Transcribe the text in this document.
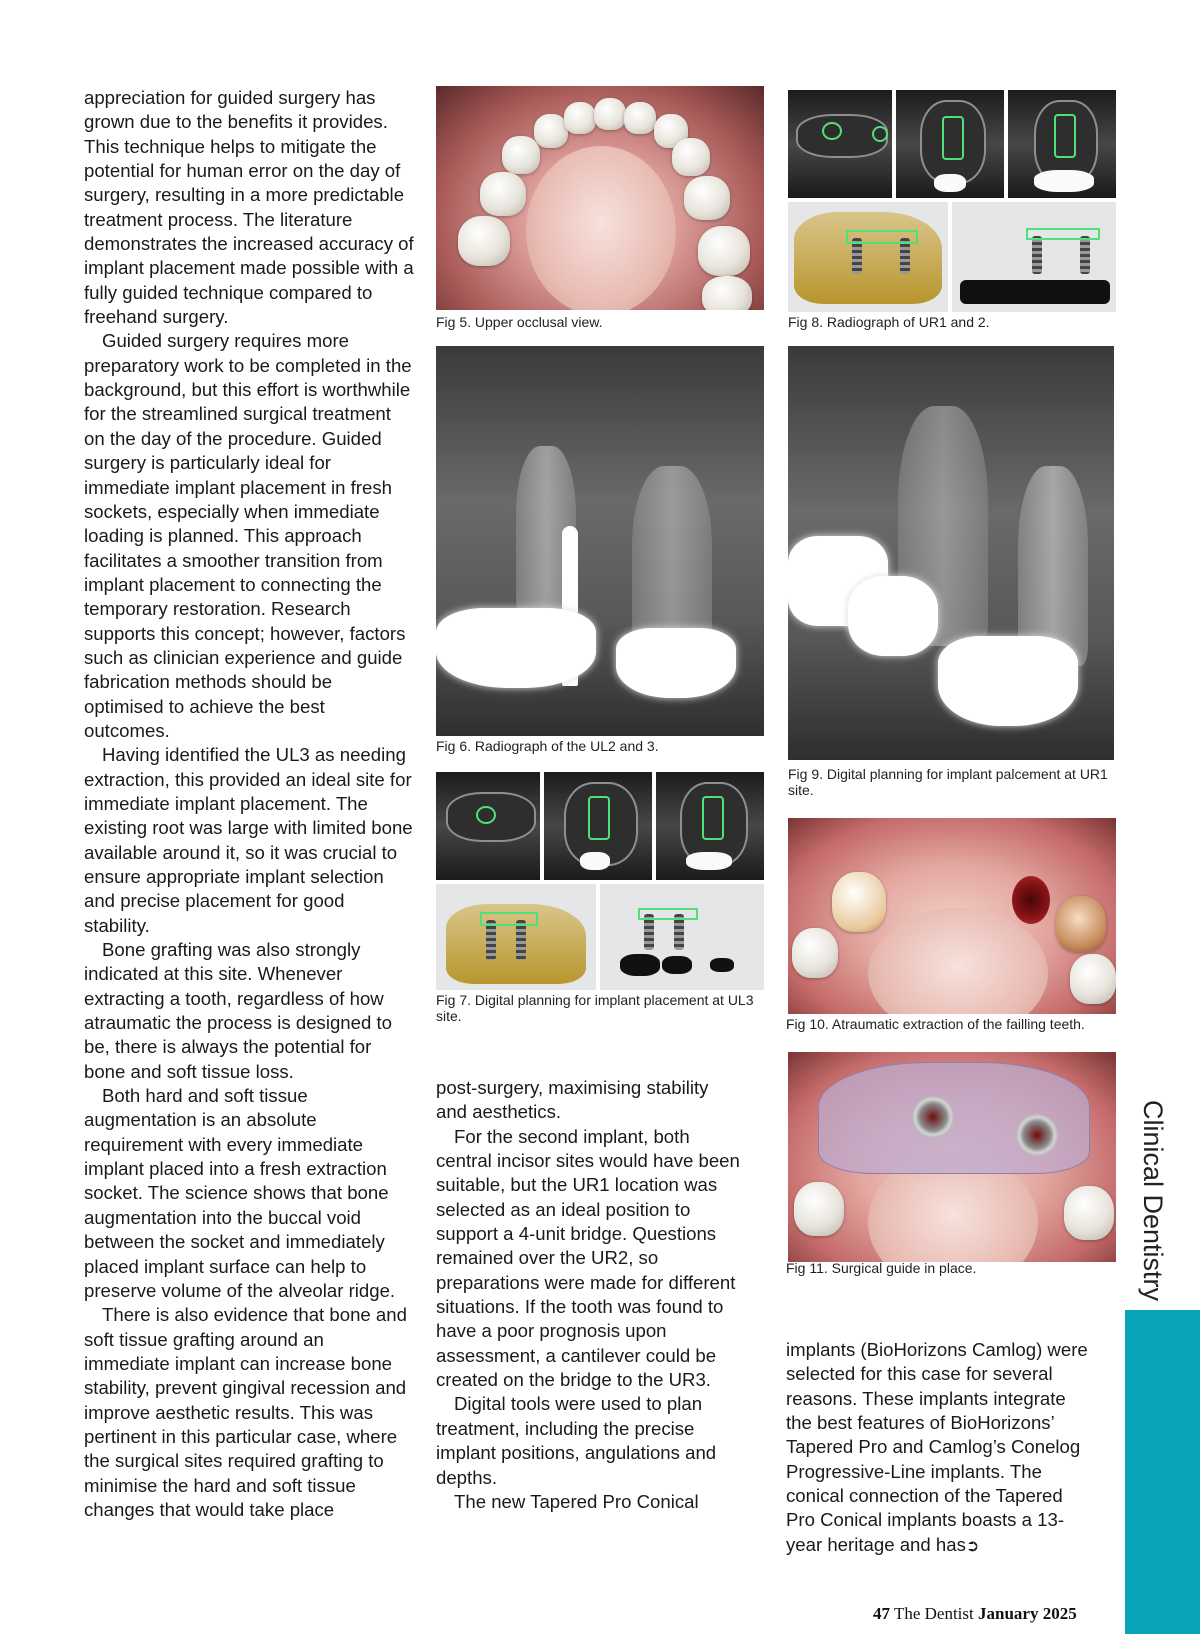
appreciation for guided surgery has grown due to the benefits it provides. This technique helps to mitigate the potential for human error on the day of surgery, resulting in a more predictable treatment process. The literature demonstrates the increased accuracy of implant placement made possible with a fully guided technique compared to freehand surgery.

Guided surgery requires more preparatory work to be completed in the background, but this effort is worthwhile for the streamlined surgical treatment on the day of the procedure. Guided surgery is particularly ideal for immediate implant placement in fresh sockets, especially when immediate loading is planned. This approach facilitates a smoother transition from implant placement to connecting the temporary restoration. Research supports this concept; however, factors such as clinician experience and guide fabrication methods should be optimised to achieve the best outcomes.

Having identified the UL3 as needing extraction, this provided an ideal site for immediate implant placement. The existing root was large with limited bone available around it, so it was crucial to ensure appropriate implant selection and precise placement for good stability.

Bone grafting was also strongly indicated at this site. Whenever extracting a tooth, regardless of how atraumatic the process is designed to be, there is always the potential for bone and soft tissue loss.

Both hard and soft tissue augmentation is an absolute requirement with every immediate implant placed into a fresh extraction socket. The science shows that bone augmentation into the buccal void between the socket and immediately placed implant surface can help to preserve volume of the alveolar ridge.

There is also evidence that bone and soft tissue grafting around an immediate implant can increase bone stability, prevent gingival recession and improve aesthetic results. This was pertinent in this particular case, where the surgical sites required grafting to minimise the hard and soft tissue changes that would take place

Fig 5. Upper occlusal view.
Fig 6. Radiograph of the UL2 and 3.
Fig 7. Digital planning for implant placement at UL3 site.

post-surgery, maximising stability and aesthetics.

For the second implant, both central incisor sites would have been suitable, but the UR1 location was selected as an ideal position to support a 4-unit bridge. Questions remained over the UR2, so preparations were made for different situations. If the tooth was found to have a poor prognosis upon assessment, a cantilever could be created on the bridge to the UR3.

Digital tools were used to plan treatment, including the precise implant positions, angulations and depths.

The new Tapered Pro Conical

Fig 8. Radiograph of UR1 and 2.
Fig 9. Digital planning for implant palcement at UR1 site.
Fig 10. Atraumatic extraction of the failling teeth.
Fig 11. Surgical guide in place.

implants (BioHorizons Camlog) were selected for this case for several reasons. These implants integrate the best features of BioHorizons’ Tapered Pro and Camlog’s Conelog Progressive-Line implants. The conical connection of the Tapered Pro Conical implants boasts a 13-year heritage and has➲

Clinical Dentistry
47 The Dentist January 2025
